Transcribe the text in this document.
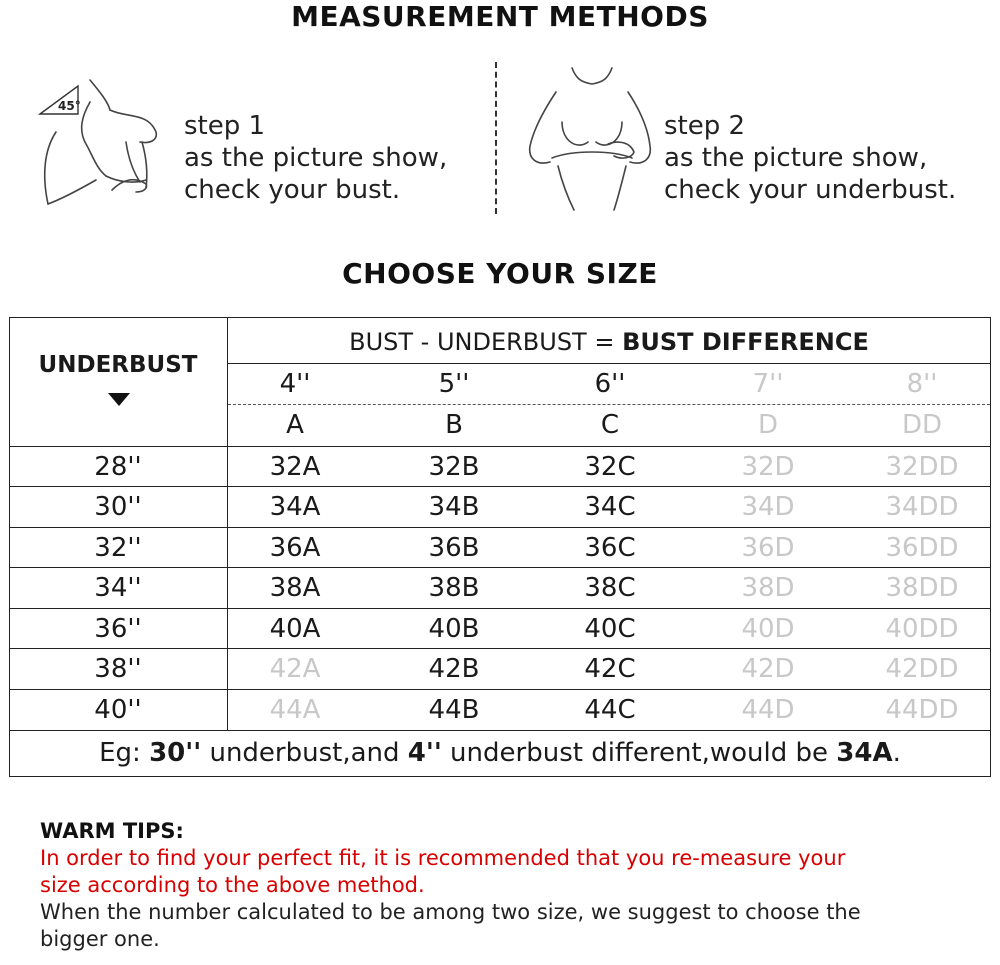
MEASUREMENT METHODS
45°
step 1
as the picture show,
check your bust.
step 2
as the picture show,
check your underbust.
CHOOSE YOUR SIZE
BUST - UNDERBUST = BUST DIFFERENCE
UNDERBUST
4''	5''	6''	7''	8''
A	B	C	D	DD
28''	32A	32B	32C	32D	32DD
30''	34A	34B	34C	34D	34DD
32''	36A	36B	36C	36D	36DD
34''	38A	38B	38C	38D	38DD
36''	40A	40B	40C	40D	40DD
38''	42A	42B	42C	42D	42DD
40''	44A	44B	44C	44D	44DD
Eg: 30'' underbust,and 4'' underbust different,would be 34A.
WARM TIPS:
In order to find your perfect fit, it is recommended that you re-measure your
size according to the above method.
When the number calculated to be among two size, we suggest to choose the
bigger one.
